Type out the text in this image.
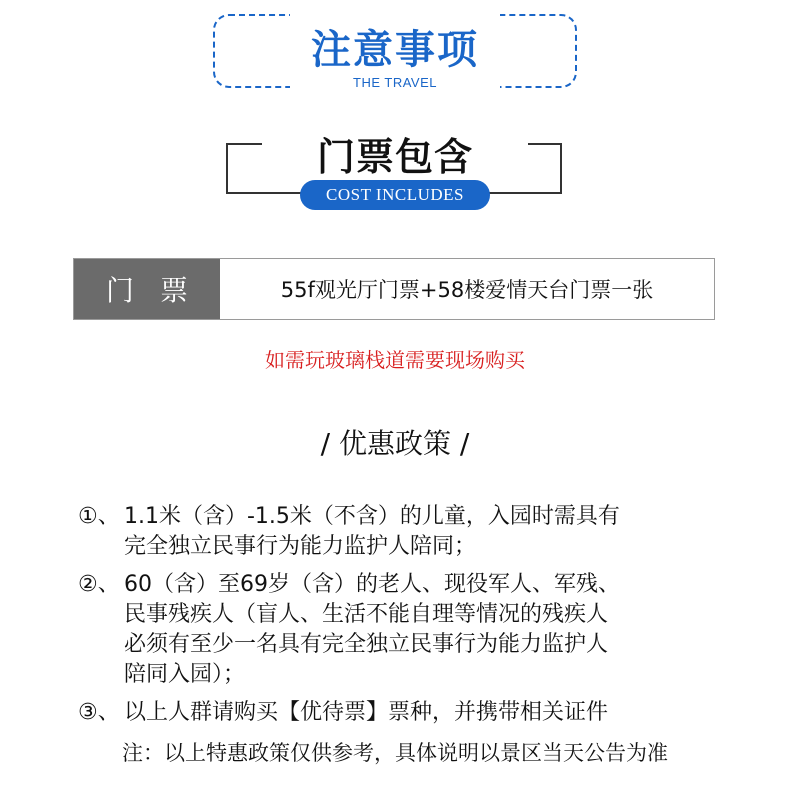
注意事项
THE TRAVEL
门票包含
COST INCLUDES
门票	55f观光厅门票+58楼爱情天台门票一张
如需玩玻璃栈道需要现场购买
/ 优惠政策 /
①、 1.1米（含）-1.5米（不含）的儿童，入园时需具有
完全独立民事行为能力监护人陪同；
②、 60（含）至69岁（含）的老人、现役军人、军残、
民事残疾人（盲人、生活不能自理等情况的残疾人
必须有至少一名具有完全独立民事行为能力监护人
陪同入园）；
③、 以上人群请购买【优待票】票种，并携带相关证件
注：以上特惠政策仅供参考，具体说明以景区当天公告为准
